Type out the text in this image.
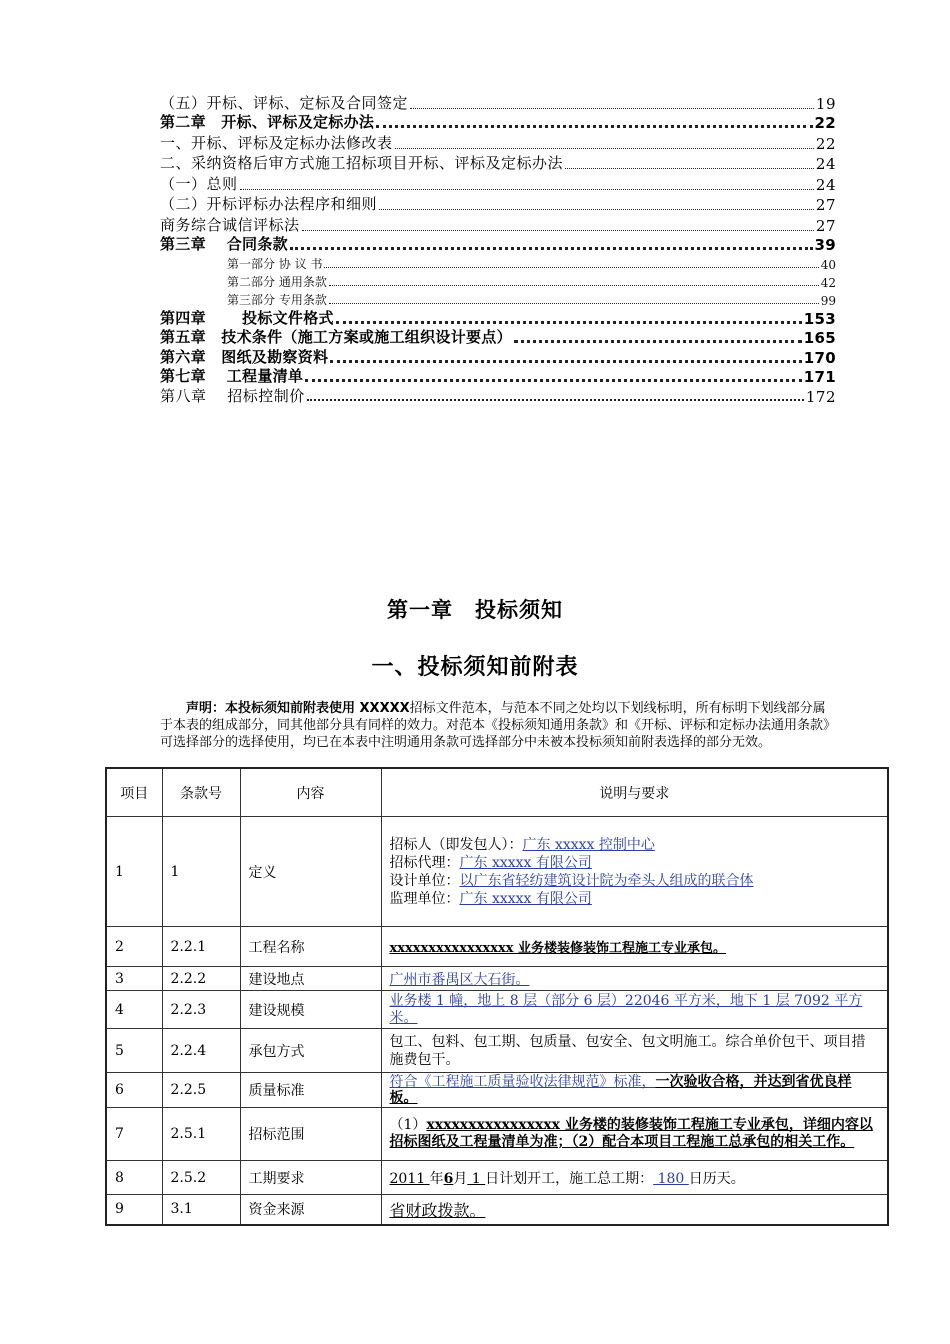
（五）开标、评标、定标及合同签定	19
第二章　开标、评标及定标办法	22
一、开标、评标及定标办法修改表	22
二、采纳资格后审方式施工招标项目开标、评标及定标办法	24
（一）总则	24
（二）开标评标办法程序和细则	27
商务综合诚信评标法	27
第三章　 合同条款	39
第一部分 协 议 书	40
第二部分 通用条款	42
第三部分 专用条款	99
第四章　　 投标文件格式	153
第五章　技术条件（施工方案或施工组织设计要点）	165
第六章　图纸及勘察资料	170
第七章　 工程量清单	171
第八章　 招标控制价	172
第一章　投标须知
一、投标须知前附表
声明：本投标须知前附表使用 XXXXX招标文件范本，与范本不同之处均以下划线标明，所有标明下划线部分属于本表的组成部分，同其他部分具有同样的效力。对范本《投标须知通用条款》和《开标、评标和定标办法通用条款》可选择部分的选择使用，均已在本表中注明通用条款可选择部分中未被本投标须知前附表选择的部分无效。
项目	条款号	内容	说明与要求
1	1	定义	招标人（即发包人）：广东 xxxxx 控制中心
招标代理：广东 xxxxx 有限公司
设计单位：以广东省轻纺建筑设计院为牵头人组成的联合体
监理单位：广东 xxxxx 有限公司

2	2.2.1	工程名称	xxxxxxxxxxxxxxxx 业务楼装修装饰工程施工专业承包。
3	2.2.2	建设地点	广州市番禺区大石街。
4	2.2.3	建设规模	业务楼 1 幢，地上 8 层（部分 6 层）22046 平方米，地下 1 层 7092 平方米。
5	2.2.4	承包方式	包工、包料、包工期、包质量、包安全、包文明施工。综合单价包干、项目措施费包干。
6	2.2.5	质量标准	符合《工程施工质量验收法律规范》标准，一次验收合格，并达到省优良样板。
7	2.5.1	招标范围	（1）xxxxxxxxxxxxxxxx 业务楼的装修装饰工程施工专业承包，详细内容以招标图纸及工程量清单为准；（2）配合本项目工程施工总承包的相关工作。
8	2.5.2	工期要求	2011 年6月 1 日计划开工，施工总工期： 180 日历天。
9	3.1	资金来源	省财政拨款。
